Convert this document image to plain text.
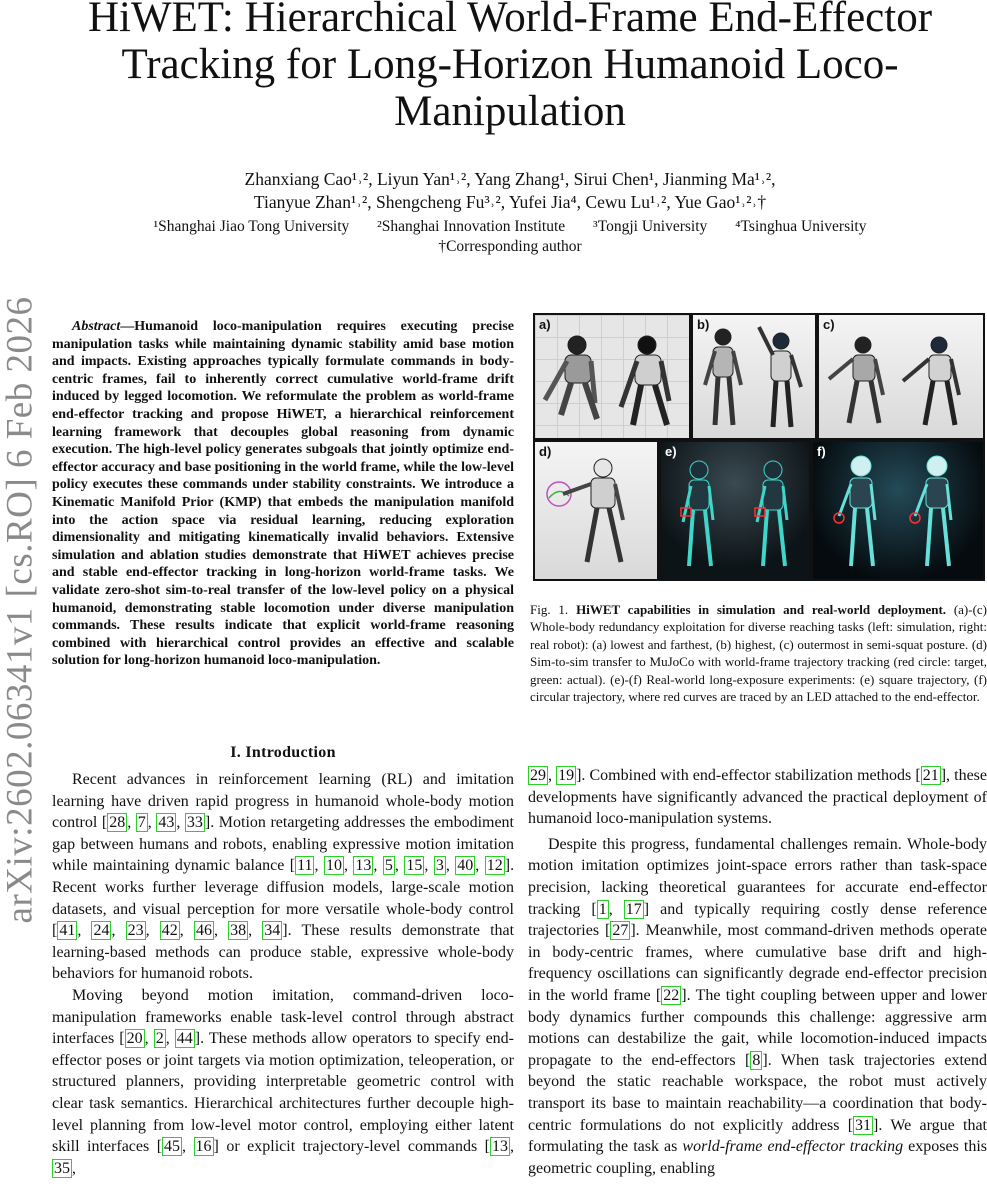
arXiv:2602.06341v1 [cs.RO] 6 Feb 2026
HiWET: Hierarchical World-Frame End-Effector Tracking for Long-Horizon Humanoid Loco-Manipulation
Zhanxiang Cao¹˒², Liyun Yan¹˒², Yang Zhang¹, Sirui Chen¹, Jianming Ma¹˒²,
Tianyue Zhan¹˒², Shengcheng Fu³˒², Yufei Jia⁴, Cewu Lu¹˒², Yue Gao¹˒²˒†
¹Shanghai Jiao Tong University ²Shanghai Innovation Institute ³Tongji University ⁴Tsinghua University
†Corresponding author

Abstract—Humanoid loco-manipulation requires executing precise manipulation tasks while maintaining dynamic stability amid base motion and impacts. Existing approaches typically formulate commands in body-centric frames, fail to inherently correct cumulative world-frame drift induced by legged locomotion. We reformulate the problem as world-frame end-effector tracking and propose HiWET, a hierarchical reinforcement learning framework that decouples global reasoning from dynamic execution. The high-level policy generates subgoals that jointly optimize end-effector accuracy and base positioning in the world frame, while the low-level policy executes these commands under stability constraints. We introduce a Kinematic Manifold Prior (KMP) that embeds the manipulation manifold into the action space via residual learning, reducing exploration dimensionality and mitigating kinematically invalid behaviors. Extensive simulation and ablation studies demonstrate that HiWET achieves precise and stable end-effector tracking in long-horizon world-frame tasks. We validate zero-shot sim-to-real transfer of the low-level policy on a physical humanoid, demonstrating stable locomotion under diverse manipulation commands. These results indicate that explicit world-frame reasoning combined with hierarchical control provides an effective and scalable solution for long-horizon humanoid loco-manipulation.

a)	b)	c)
d)	e)	f)

Fig. 1. HiWET capabilities in simulation and real-world deployment. (a)-(c) Whole-body redundancy exploitation for diverse reaching tasks (left: simulation, right: real robot): (a) lowest and farthest, (b) highest, (c) outermost in semi-squat posture. (d) Sim-to-sim transfer to MuJoCo with world-frame trajectory tracking (red circle: target, green: actual). (e)-(f) Real-world long-exposure experiments: (e) square trajectory, (f) circular trajectory, where red curves are traced by an LED attached to the end-effector.

I. Introduction

Recent advances in reinforcement learning (RL) and imitation learning have driven rapid progress in humanoid whole-body motion control [ 28 , 7 , 43 , 33 ]. Motion retargeting addresses the embodiment gap between humans and robots, enabling expressive motion imitation while maintaining dynamic balance [ 11 , 10 , 13 , 5 , 15 , 3 , 40 , 12 ]. Recent works further leverage diffusion models, large-scale motion datasets, and visual perception for more versatile whole-body control [ 41 , 24 , 23 , 42 , 46 , 38 , 34 ]. These results demonstrate that learning-based methods can produce stable, expressive whole-body behaviors for humanoid robots.

Moving beyond motion imitation, command-driven loco-manipulation frameworks enable task-level control through abstract interfaces [ 20 , 2 , 44 ]. These methods allow operators to specify end-effector poses or joint targets via motion optimization, teleoperation, or structured planners, providing interpretable geometric control with clear task semantics. Hierarchical architectures further decouple high-level planning from low-level motor control, employing either latent skill interfaces [ 45 , 16 ] or explicit trajectory-level commands [ 13 , 35 ,

29 , 19 ]. Combined with end-effector stabilization methods [ 21 ], these developments have significantly advanced the practical deployment of humanoid loco-manipulation systems.

Despite this progress, fundamental challenges remain. Whole-body motion imitation optimizes joint-space errors rather than task-space precision, lacking theoretical guarantees for accurate end-effector tracking [ 1 , 17 ] and typically requiring costly dense reference trajectories [ 27 ]. Meanwhile, most command-driven methods operate in body-centric frames, where cumulative base drift and high-frequency oscillations can significantly degrade end-effector precision in the world frame [ 22 ]. The tight coupling between upper and lower body dynamics further compounds this challenge: aggressive arm motions can destabilize the gait, while locomotion-induced impacts propagate to the end-effectors [ 8 ]. When task trajectories extend beyond the static reachable workspace, the robot must actively transport its base to maintain reachability—a coordination that body-centric formulations do not explicitly address [ 31 ]. We argue that formulating the task as world-frame end-effector tracking exposes this geometric coupling, enabling
